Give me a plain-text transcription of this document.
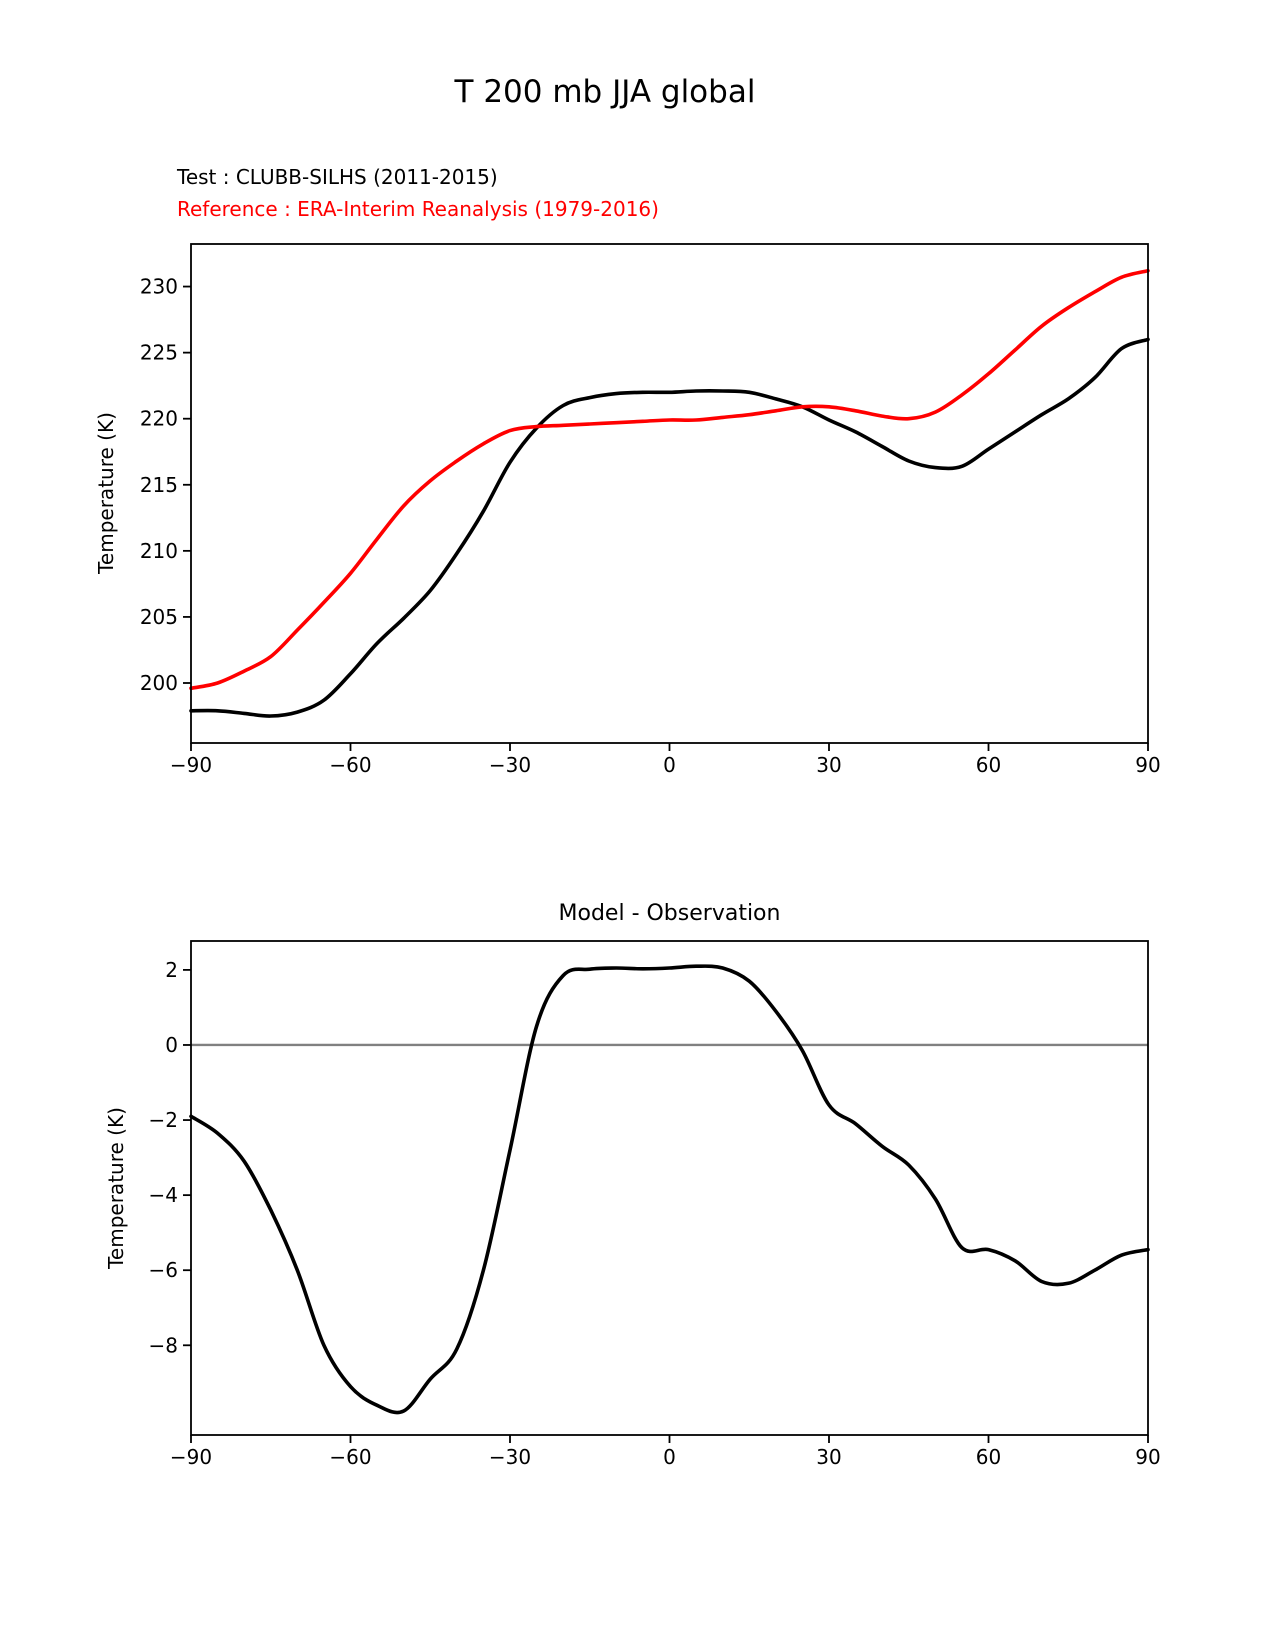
T 200 mb JJA global
Test : CLUBB-SILHS (2011-2015)
Reference : ERA-Interim Reanalysis (1979-2016)
Temperature (K)
Temperature (K)
Model - Observation
−90	−60	−30	0	30	60	90
200
205
210
215
220
225
230
−90	−60	−30	0	30	60	90
2
0
−2
−4
−6
−8
